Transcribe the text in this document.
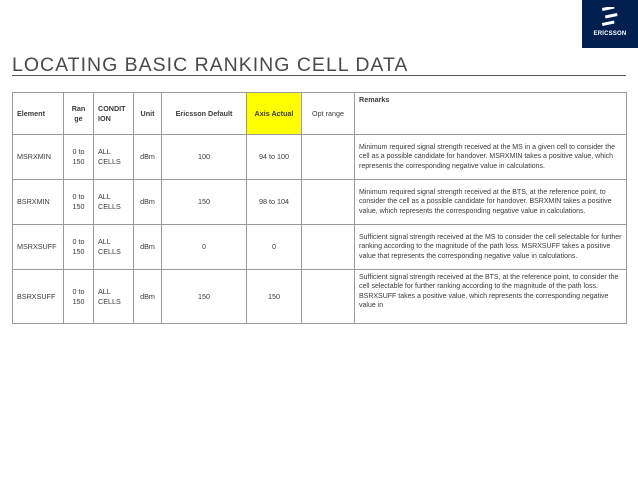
ERICSSON
LOCATING BASIC RANKING CELL DATA
Element	Ran ge	CONDIT ION	Unit	Ericsson Default	Axis Actual	Opt range	Remarks
MSRXMIN	0 to 150	ALL CELLS	dBm	100	94 to 100		Minimum required signal strength received at the MS in a given cell to consider the cell as a possible candidate for handover. MSRXMIN takes a positive value, which represents the corresponding negative value in calculations.
BSRXMIN	0 to 150	ALL CELLS	dBm	150	98 to 104		Minimum required signal strength received at the BTS, at the reference point, to consider the cell as a possible candidate for handover. BSRXMIN takes a positive value, which represents the corresponding negative value in calculations.
MSRXSUFF	0 to 150	ALL CELLS	dBm	0	0		Sufficient signal strength received at the MS to consider the cell selectable for further ranking according to the magnitude of the path loss. MSRXSUFF takes a positive value that represents the corresponding negative value in calculations.
BSRXSUFF	0 to 150	ALL CELLS	dBm	150	150		Sufficient signal strength received at the BTS, at the reference point, to consider the cell selectable for further ranking according to the magnitude of the path loss. BSRXSUFF takes a positive value, which represents the corresponding negative value in
